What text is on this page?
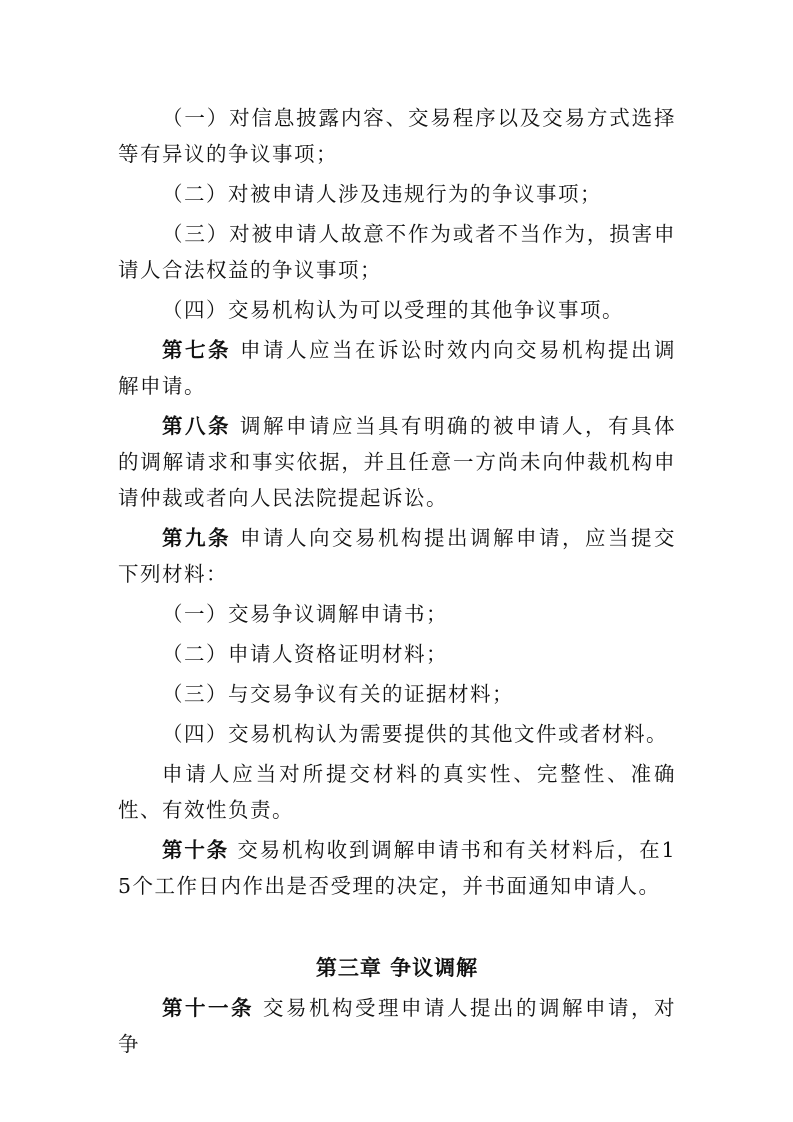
（一）对信息披露内容、交易程序以及交易方式选择等有异议的争议事项；

（二）对被申请人涉及违规行为的争议事项；

（三）对被申请人故意不作为或者不当作为，损害申请人合法权益的争议事项；

（四）交易机构认为可以受理的其他争议事项。

第七条 申请人应当在诉讼时效内向交易机构提出调解申请。

第八条 调解申请应当具有明确的被申请人，有具体的调解请求和事实依据，并且任意一方尚未向仲裁机构申请仲裁或者向人民法院提起诉讼。

第九条 申请人向交易机构提出调解申请，应当提交下列材料：

（一）交易争议调解申请书；

（二）申请人资格证明材料；

（三）与交易争议有关的证据材料；

（四）交易机构认为需要提供的其他文件或者材料。

申请人应当对所提交材料的真实性、完整性、准确性、有效性负责。

第十条 交易机构收到调解申请书和有关材料后，在15个工作日内作出是否受理的决定，并书面通知申请人。

第三章 争议调解

第十一条 交易机构受理申请人提出的调解申请，对争
